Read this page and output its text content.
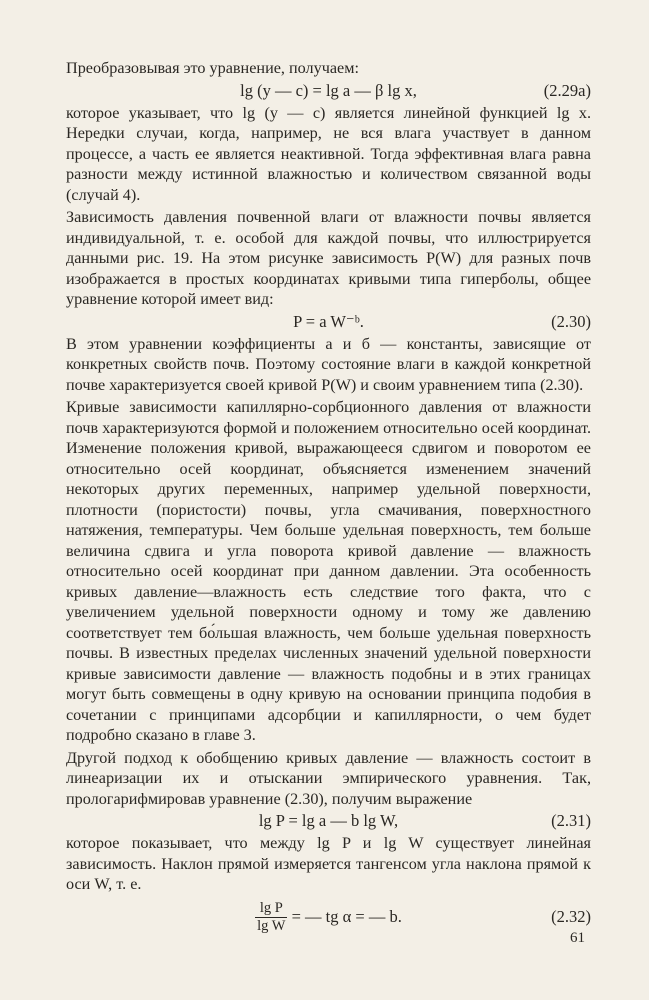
Преобразовывая это уравнение, получаем:

lg (y — c) = lg a — β lg x,	(2.29а)

которое указывает, что lg (y — c) является линейной функцией lg x. Нередки случаи, когда, например, не вся влага участвует в данном процессе, а часть ее является неактивной. Тогда эффективная влага равна разности между истинной влажностью и количеством связанной воды (случай 4).

Зависимость давления почвенной влаги от влажности почвы является индивидуальной, т. е. особой для каждой почвы, что иллюстрируется данными рис. 19. На этом рисунке зависимость P(W) для разных почв изображается в простых координатах кривыми типа гиперболы, общее уравнение которой имеет вид:

P = a W⁻ᵇ.	(2.30)

В этом уравнении коэффициенты a и б — константы, зависящие от конкретных свойств почв. Поэтому состояние влаги в каждой конкретной почве характеризуется своей кривой P(W) и своим уравнением типа (2.30).

Кривые зависимости капиллярно-сорбционного давления от влажности почв характеризуются формой и положением относительно осей координат. Изменение положения кривой, выражающееся сдвигом и поворотом ее относительно осей координат, объясняется изменением значений некоторых других переменных, например удельной поверхности, плотности (пористости) почвы, угла смачивания, поверхностного натяжения, температуры. Чем больше удельная поверхность, тем больше величина сдвига и угла поворота кривой давление — влажность относительно осей координат при данном давлении. Эта особенность кривых давление—влажность есть следствие того факта, что с увеличением удельной поверхности одному и тому же давлению соответствует тем бо́льшая влажность, чем больше удельная поверхность почвы. В известных пределах численных значений удельной поверхности кривые зависимости давление — влажность подобны и в этих границах могут быть совмещены в одну кривую на основании принципа подобия в сочетании с принципами адсорбции и капиллярности, о чем будет подробно сказано в главе 3.

Другой подход к обобщению кривых давление — влажность состоит в линеаризации их и отыскании эмпирического уравнения. Так, прологарифмировав уравнение (2.30), получим выражение

lg P = lg a — b lg W,	(2.31)

которое показывает, что между lg P и lg W существует линейная зависимость. Наклон прямой измеряется тангенсом угла наклона прямой к оси W, т. е.

$\frac{\text{lg P}}{\text{lg W}}$ = — tg α = — b.	(2.32)
61
